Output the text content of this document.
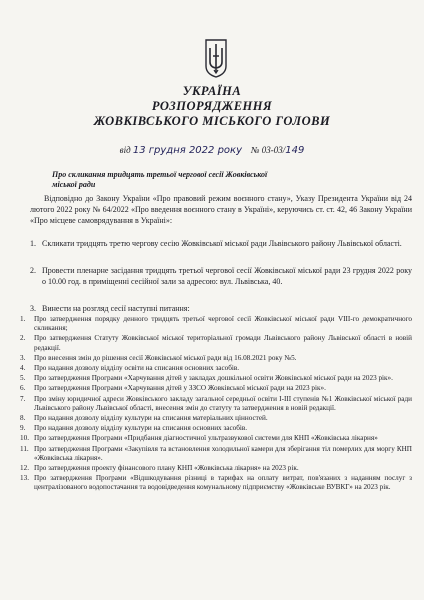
УКРАЇНА
РОЗПОРЯДЖЕННЯ
ЖОВКІВСЬКОГО МІСЬКОГО ГОЛОВИ
від 13 грудня 2022 року № 03-03/149
Про скликання тридцять третьої чергової сесії Жовківської міської ради
Відповідно до Закону України «Про правовий режим воєнного стану», Указу Президента України від 24 лютого 2022 року № 64/2022 «Про введення воєнного стану в Україні», керуючись ст. ст. 42, 46 Закону України «Про місцеве самоврядування в Україні»:
1. Скликати тридцять третю чергову сесію Жовківської міської ради Львівського району Львівської області.
2. Провести пленарне засідання тридцять третьої чергової сесії Жовківської міської ради 23 грудня 2022 року о 10.00 год. в приміщенні сесійної зали за адресою: вул. Львівська, 40.
3. Винести на розгляд сесії наступні питання:
1. Про затвердження порядку денного тридцять третьої чергової сесії Жовківської міської ради VIII-го демократичного скликання;
2. Про затвердження Статуту Жовківської міської територіальної громади Львівського району Львівської області в новій редакції.
3. Про внесення змін до рішення сесії Жовківської міської ради від 16.08.2021 року №5.
4. Про надання дозволу відділу освіти на списання основних засобів.
5. Про затвердження Програми «Харчування дітей у закладах дошкільної освіти Жовківської міської ради на 2023 рік».
6. Про затвердження Програми «Харчування дітей у ЗЗСО Жовківської міської ради на 2023 рік».
7. Про зміну юридичної адреси Жовківського закладу загальної середньої освіти І-ІІІ ступенів №1 Жовківської міської ради Львівського району Львівської області, внесення змін до статуту та затвердження в новій редакції.
8. Про надання дозволу відділу культури на списання матеріальних цінностей.
9. Про надання дозволу відділу культури на списання основних засобів.
10. Про затвердження Програми «Придбання діагностичної ультразвукової системи для КНП «Жовківська лікарня»
11. Про затвердження Програми «Закупівля та встановлення холодильної камери для зберігання тіл померлих для моргу КНП «Жовківська лікарня».
12. Про затвердження проекту фінансового плану КНП «Жовківська лікарня» на 2023 рік.
13. Про затвердження Програми «Відшкодування різниці в тарифах на оплату витрат, пов'язаних з наданням послуг з централізованого водопостачання та водовідведення комунальному підприємству «Жовківське ВУВКГ» на 2023 рік.
